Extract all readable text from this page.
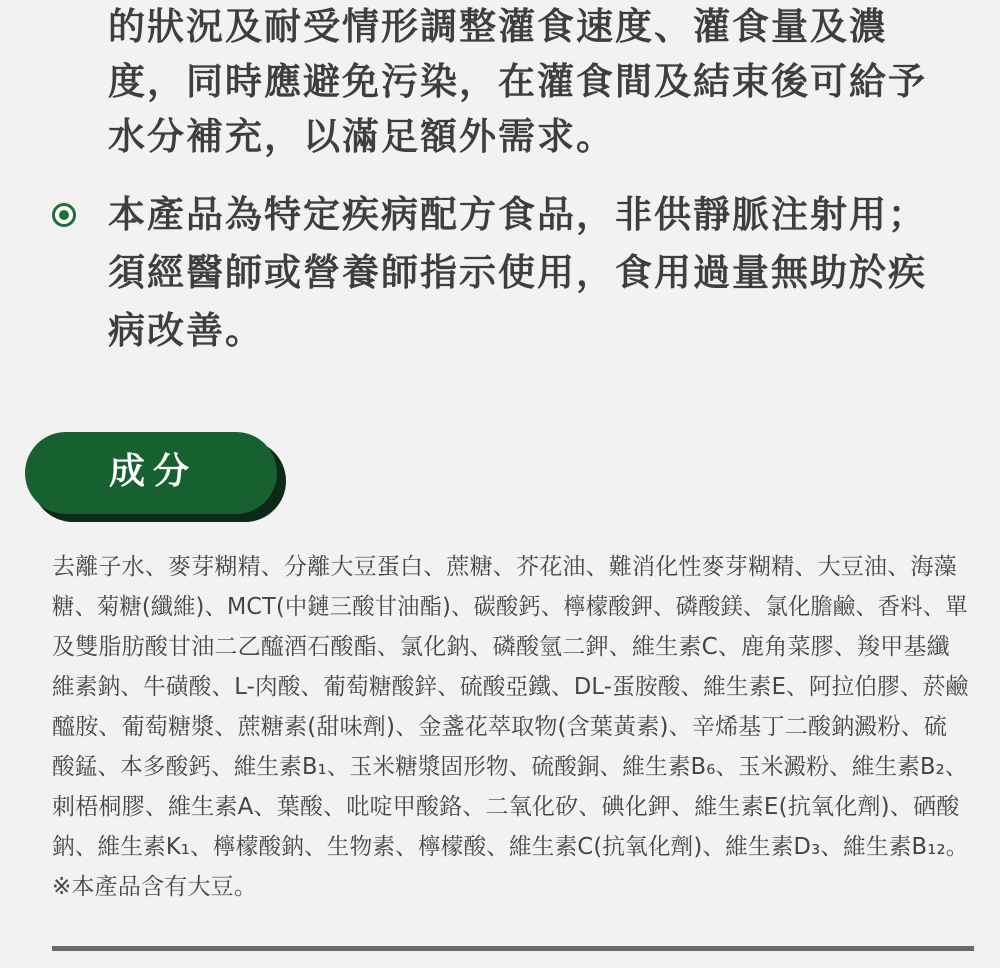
的狀況及耐受情形調整灌食速度、灌食量及濃
度，同時應避免污染，在灌食間及結束後可給予
水分補充，以滿足額外需求。
本產品為特定疾病配方食品，非供靜脈注射用；
須經醫師或營養師指示使用，食用過量無助於疾
病改善。
成分
去離子水、麥芽糊精、分離大豆蛋白、蔗糖、芥花油、難消化性麥芽糊精、大豆油、海藻
糖、菊糖(纖維)、MCT(中鏈三酸甘油酯)、碳酸鈣、檸檬酸鉀、磷酸鎂、氯化膽鹼、香料、單
及雙脂肪酸甘油二乙醯酒石酸酯、氯化鈉、磷酸氫二鉀、維生素C、鹿角菜膠、羧甲基纖
維素鈉、牛磺酸、L-肉酸、葡萄糖酸鋅、硫酸亞鐵、DL-蛋胺酸、維生素E、阿拉伯膠、菸鹼
醯胺、葡萄糖漿、蔗糖素(甜味劑)、金盞花萃取物(含葉黃素)、辛烯基丁二酸鈉澱粉、硫
酸錳、本多酸鈣、維生素B₁、玉米糖漿固形物、硫酸銅、維生素B₆、玉米澱粉、維生素B₂、
刺梧桐膠、維生素A、葉酸、吡啶甲酸鉻、二氧化矽、碘化鉀、維生素E(抗氧化劑)、硒酸
鈉、維生素K₁、檸檬酸鈉、生物素、檸檬酸、維生素C(抗氧化劑)、維生素D₃、維生素B₁₂。
※本產品含有大豆。
